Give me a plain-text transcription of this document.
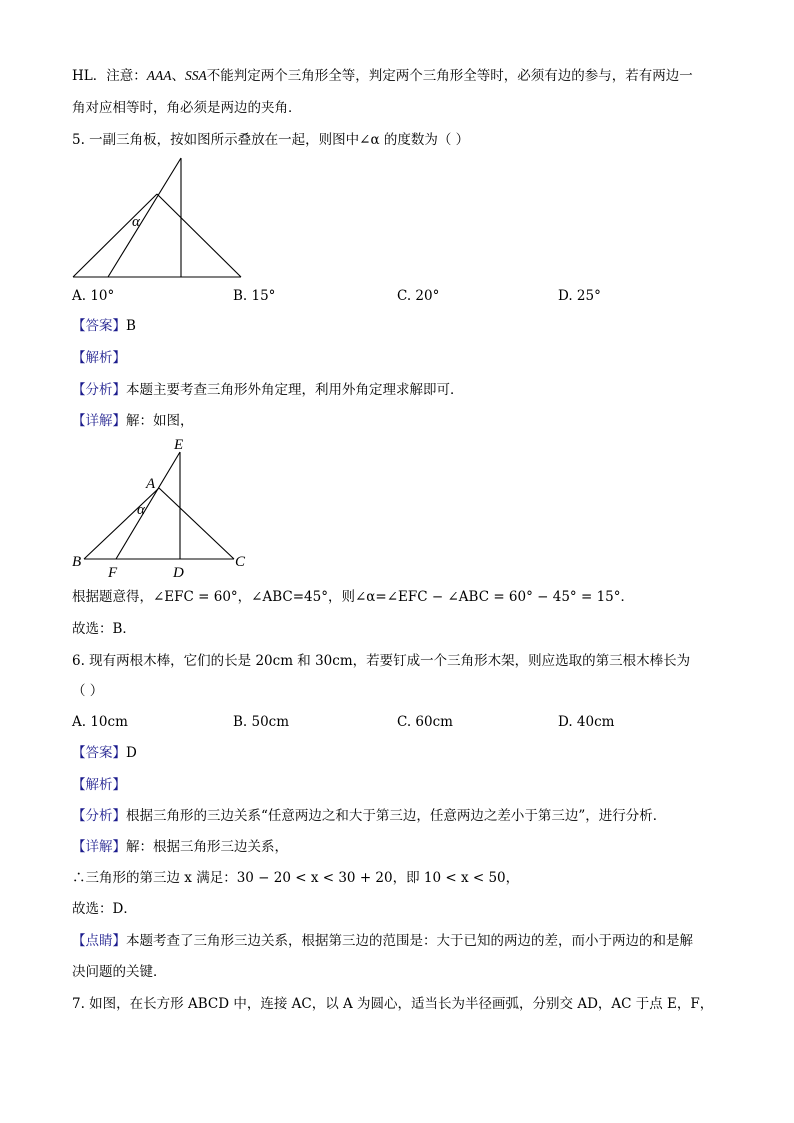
HL．注意：AAA、SSA不能判定两个三角形全等，判定两个三角形全等时，必须有边的参与，若有两边一
角对应相等时，角必须是两边的夹角．
5. 一副三角板，按如图所示叠放在一起，则图中∠α 的度数为（ ）
α
A. 10°	B. 15°	C. 20°	D. 25°
【答案】B
【解析】
【分析】本题主要考查三角形外角定理，利用外角定理求解即可．
【详解】解：如图，
E
A
α
B
F	D
C
根据题意得，∠EFC = 60°，∠ABC=45°，则∠α=∠EFC − ∠ABC = 60° − 45° = 15°．
故选：B．
6. 现有两根木棒，它们的长是 20cm 和 30cm，若要钉成一个三角形木架，则应选取的第三根木棒长为
（ ）
A. 10cm	B. 50cm	C. 60cm	D. 40cm
【答案】D
【解析】
【分析】根据三角形的三边关系“任意两边之和大于第三边，任意两边之差小于第三边”，进行分析．
【详解】解：根据三角形三边关系，
∴三角形的第三边 x 满足：30 − 20 < x < 30 + 20，即 10 < x < 50，
故选：D．
【点睛】本题考查了三角形三边关系，根据第三边的范围是：大于已知的两边的差，而小于两边的和是解
决问题的关键．
7. 如图，在长方形 ABCD 中，连接 AC，以 A 为圆心，适当长为半径画弧，分别交 AD，AC 于点 E，F，
